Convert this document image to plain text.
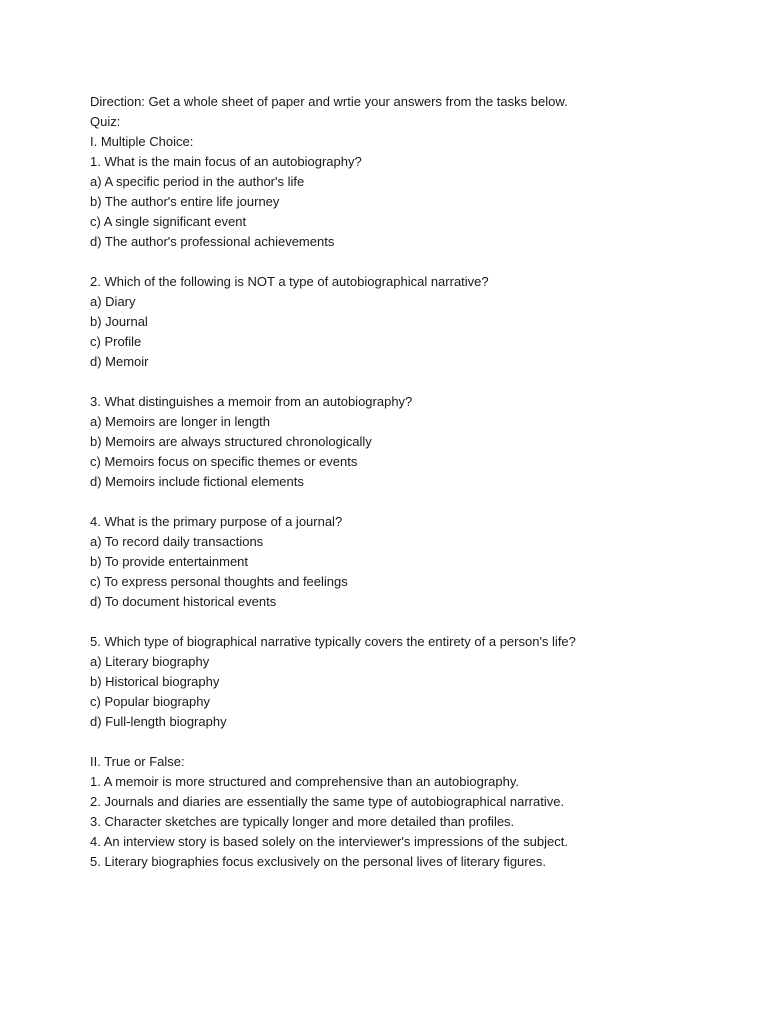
Direction: Get a whole sheet of paper and wrtie your answers from the tasks below.
Quiz:
I. Multiple Choice:
1. What is the main focus of an autobiography?
a) A specific period in the author's life
b) The author's entire life journey
c) A single significant event
d) The author's professional achievements
2. Which of the following is NOT a type of autobiographical narrative?
a) Diary
b) Journal
c) Profile
d) Memoir
3. What distinguishes a memoir from an autobiography?
a) Memoirs are longer in length
b) Memoirs are always structured chronologically
c) Memoirs focus on specific themes or events
d) Memoirs include fictional elements
4. What is the primary purpose of a journal?
a) To record daily transactions
b) To provide entertainment
c) To express personal thoughts and feelings
d) To document historical events
5. Which type of biographical narrative typically covers the entirety of a person's life?
a) Literary biography
b) Historical biography
c) Popular biography
d) Full-length biography
II. True or False:
1. A memoir is more structured and comprehensive than an autobiography.
2. Journals and diaries are essentially the same type of autobiographical narrative.
3. Character sketches are typically longer and more detailed than profiles.
4. An interview story is based solely on the interviewer's impressions of the subject.
5. Literary biographies focus exclusively on the personal lives of literary figures.
